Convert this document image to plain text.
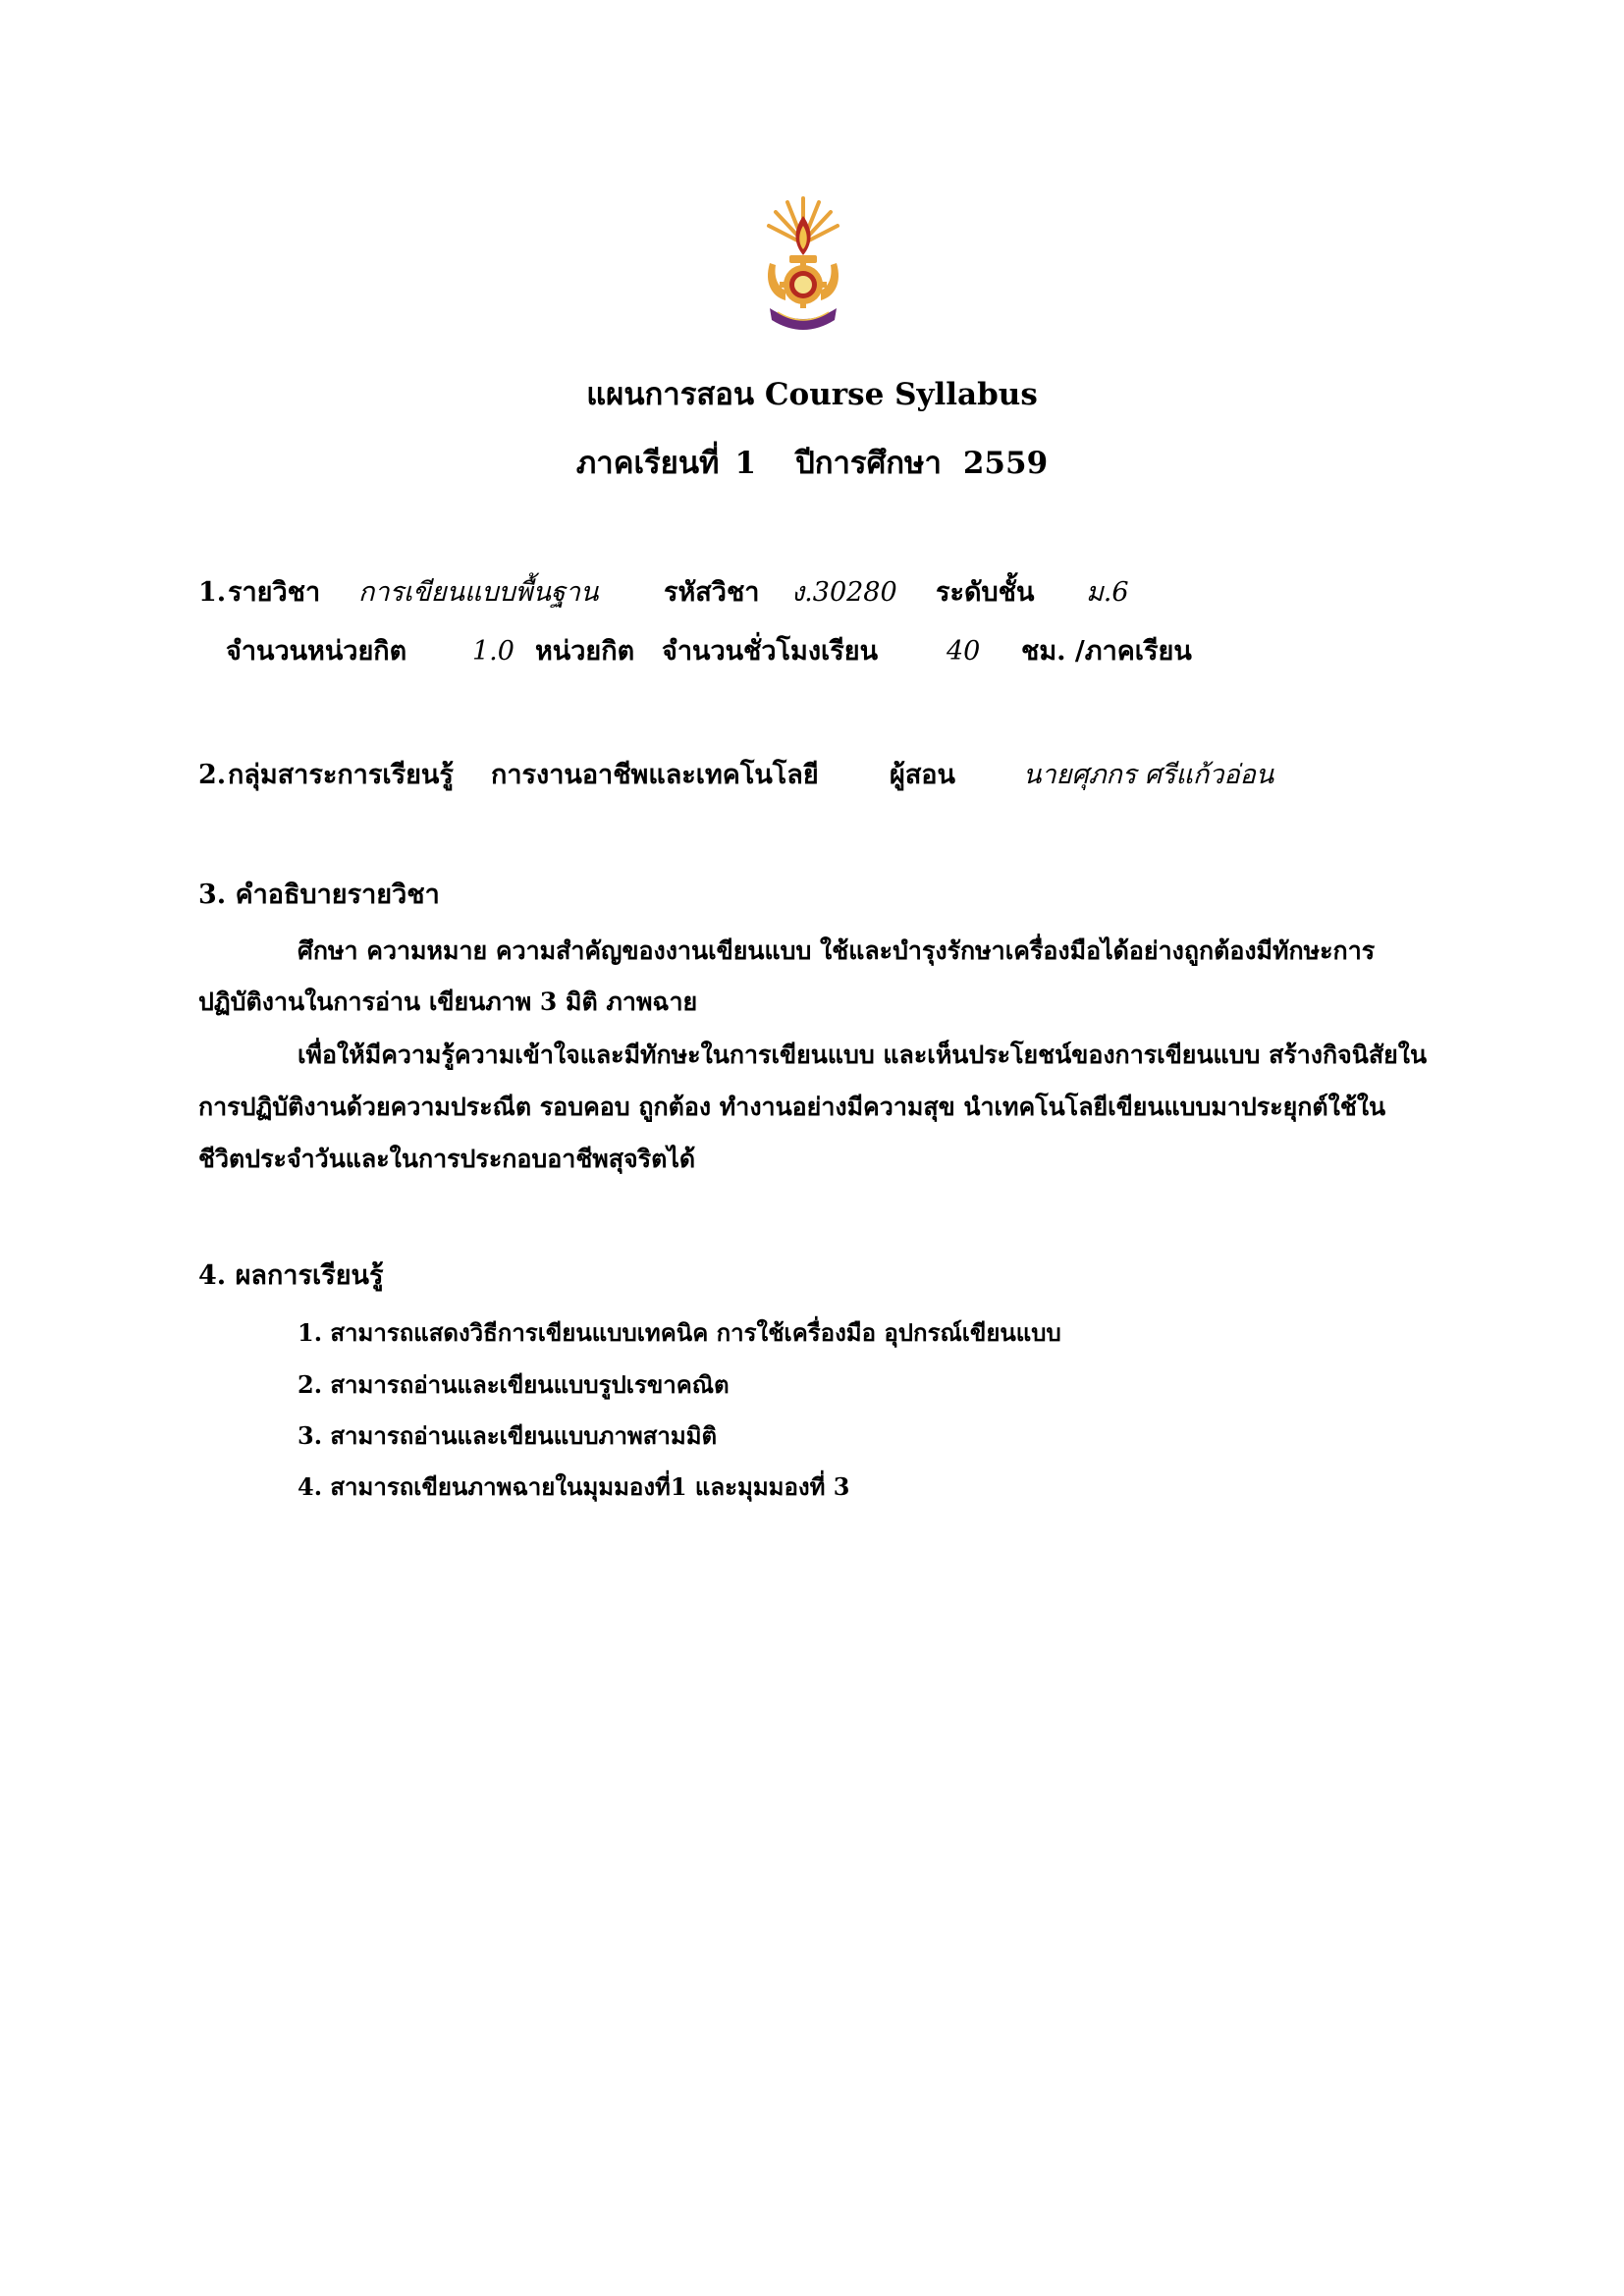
แผนการสอน Course Syllabus
ภาคเรียนที่ 1 ปีการศึกษา 2559
1. รายวิชา การเขียนแบบพื้นฐาน รหัสวิชา ง.30280 ระดับชั้น ม.6
จำนวนหน่วยกิต 1.0 หน่วยกิต จำนวนชั่วโมงเรียน	40 ชม. /ภาคเรียน
2. กลุ่มสาระการเรียนรู้ การงานอาชีพและเทคโนโลยี	ผู้สอน	นายศุภกร ศรีแก้วอ่อน
3. คำอธิบายรายวิชา
ศึกษา ความหมาย ความสำคัญของงานเขียนแบบ ใช้และบำรุงรักษาเครื่องมือได้อย่างถูกต้องมีทักษะการ
ปฏิบัติงานในการอ่าน เขียนภาพ 3 มิติ ภาพฉาย
เพื่อให้มีความรู้ความเข้าใจและมีทักษะในการเขียนแบบ และเห็นประโยชน์ของการเขียนแบบ สร้างกิจนิสัยใน
การปฏิบัติงานด้วยความประณีต รอบคอบ ถูกต้อง ทำงานอย่างมีความสุข นำเทคโนโลยีเขียนแบบมาประยุกต์ใช้ใน
ชีวิตประจำวันและในการประกอบอาชีพสุจริตได้
4. ผลการเรียนรู้
1. สามารถแสดงวิธีการเขียนแบบเทคนิค การใช้เครื่องมือ อุปกรณ์เขียนแบบ
2. สามารถอ่านและเขียนแบบรูปเรขาคณิต
3. สามารถอ่านและเขียนแบบภาพสามมิติ
4. สามารถเขียนภาพฉายในมุมมองที่1 และมุมมองที่ 3
